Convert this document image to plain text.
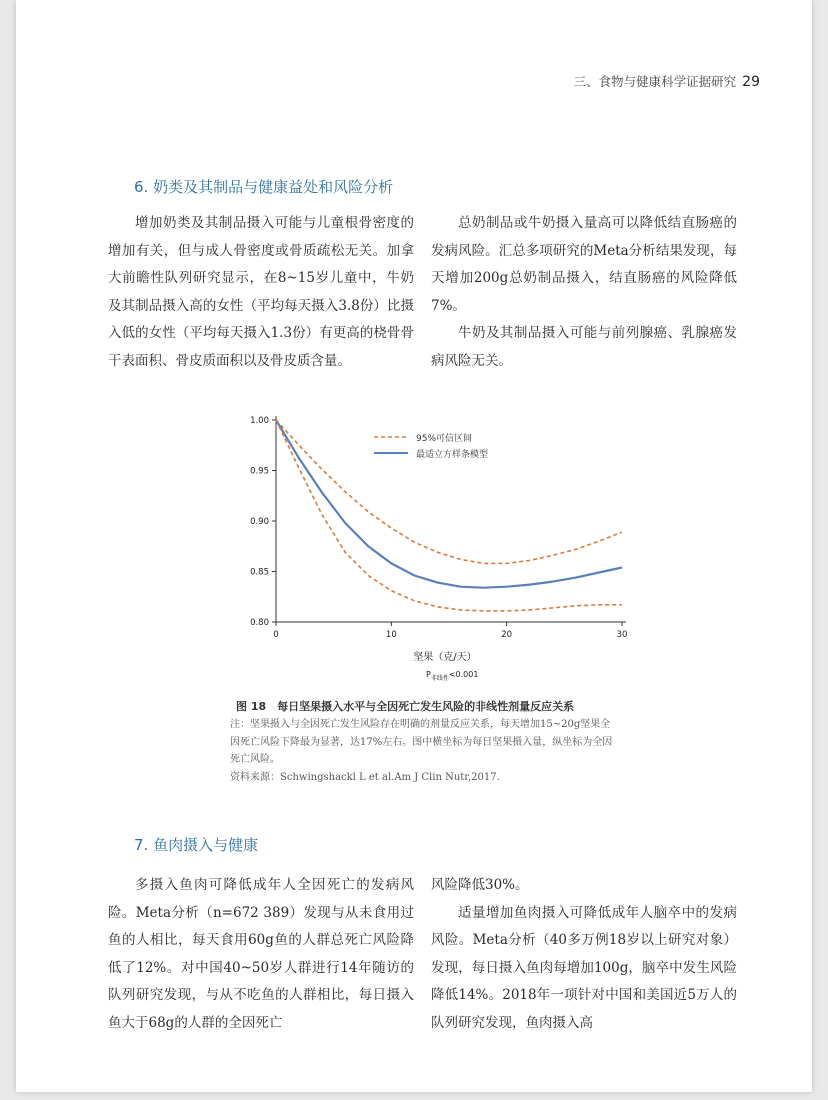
三、食物与健康科学证据研究 29
6. 奶类及其制品与健康益处和风险分析

增加奶类及其制品摄入可能与儿童根骨密度的增加有关，但与成人骨密度或骨质疏松无关。加拿大前瞻性队列研究显示，在8~15岁儿童中，牛奶及其制品摄入高的女性（平均每天摄入3.8份）比摄入低的女性（平均每天摄入1.3份）有更高的桡骨骨干表面积、骨皮质面积以及骨皮质含量。

总奶制品或牛奶摄入量高可以降低结直肠癌的发病风险。汇总多项研究的Meta分析结果发现，每天增加200g总奶制品摄入，结直肠癌的风险降低7%。

牛奶及其制品摄入可能与前列腺癌、乳腺癌发病风险无关。

0.80
0.85
0.90
0.95
1.00
0	10	20	30
95%可信区间
最适立方样条模型
坚果（克/天）
$P_{非线性}<0.001$
图 18　每日坚果摄入水平与全因死亡发生风险的非线性剂量反应关系

注：坚果摄入与全因死亡发生风险存在明确的剂量反应关系，每天增加15~20g坚果全因死亡风险下降最为显著，达17%左右。图中横坐标为每日坚果摄入量，纵坐标为全因死亡风险。

资料来源：Schwingshackl L et al.Am J Clin Nutr,2017.

7. 鱼肉摄入与健康

多摄入鱼肉可降低成年人全因死亡的发病风险。Meta分析（n=672 389）发现与从未食用过鱼的人相比，每天食用60g鱼的人群总死亡风险降低了12%。对中国40~50岁人群进行14年随访的队列研究发现，与从不吃鱼的人群相比，每日摄入鱼大于68g的人群的全因死亡

风险降低30%。

适量增加鱼肉摄入可降低成年人脑卒中的发病风险。Meta分析（40多万例18岁以上研究对象）发现，每日摄入鱼肉每增加100g，脑卒中发生风险降低14%。2018年一项针对中国和美国近5万人的队列研究发现，鱼肉摄入高
